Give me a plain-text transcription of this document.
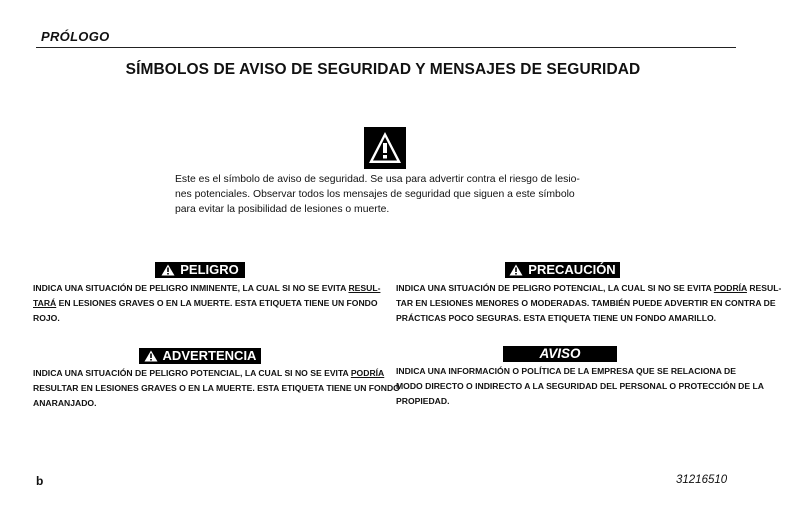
PRÓLOGO
SÍMBOLOS DE AVISO DE SEGURIDAD Y MENSAJES DE SEGURIDAD
Este es el símbolo de aviso de seguridad. Se usa para advertir contra el riesgo de lesio-
nes potenciales. Observar todos los mensajes de seguridad que siguen a este símbolo
para evitar la posibilidad de lesiones o muerte.
PELIGRO
INDICA UNA SITUACIÓN DE PELIGRO INMINENTE, LA CUAL SI NO SE EVITA RESUL-
TARÁ EN LESIONES GRAVES O EN LA MUERTE. ESTA ETIQUETA TIENE UN FONDO
ROJO.
PRECAUCIÓN
INDICA UNA SITUACIÓN DE PELIGRO POTENCIAL, LA CUAL SI NO SE EVITA PODRÍA RESUL-
TAR EN LESIONES MENORES O MODERADAS. TAMBIÉN PUEDE ADVERTIR EN CONTRA DE
PRÁCTICAS POCO SEGURAS. ESTA ETIQUETA TIENE UN FONDO AMARILLO.
ADVERTENCIA
INDICA UNA SITUACIÓN DE PELIGRO POTENCIAL, LA CUAL SI NO SE EVITA PODRÍA
RESULTAR EN LESIONES GRAVES O EN LA MUERTE. ESTA ETIQUETA TIENE UN FONDO
ANARANJADO.
AVISO
INDICA UNA INFORMACIÓN O POLÍTICA DE LA EMPRESA QUE SE RELACIONA DE
MODO DIRECTO O INDIRECTO A LA SEGURIDAD DEL PERSONAL O PROTECCIÓN DE LA
PROPIEDAD.
b	31216510
